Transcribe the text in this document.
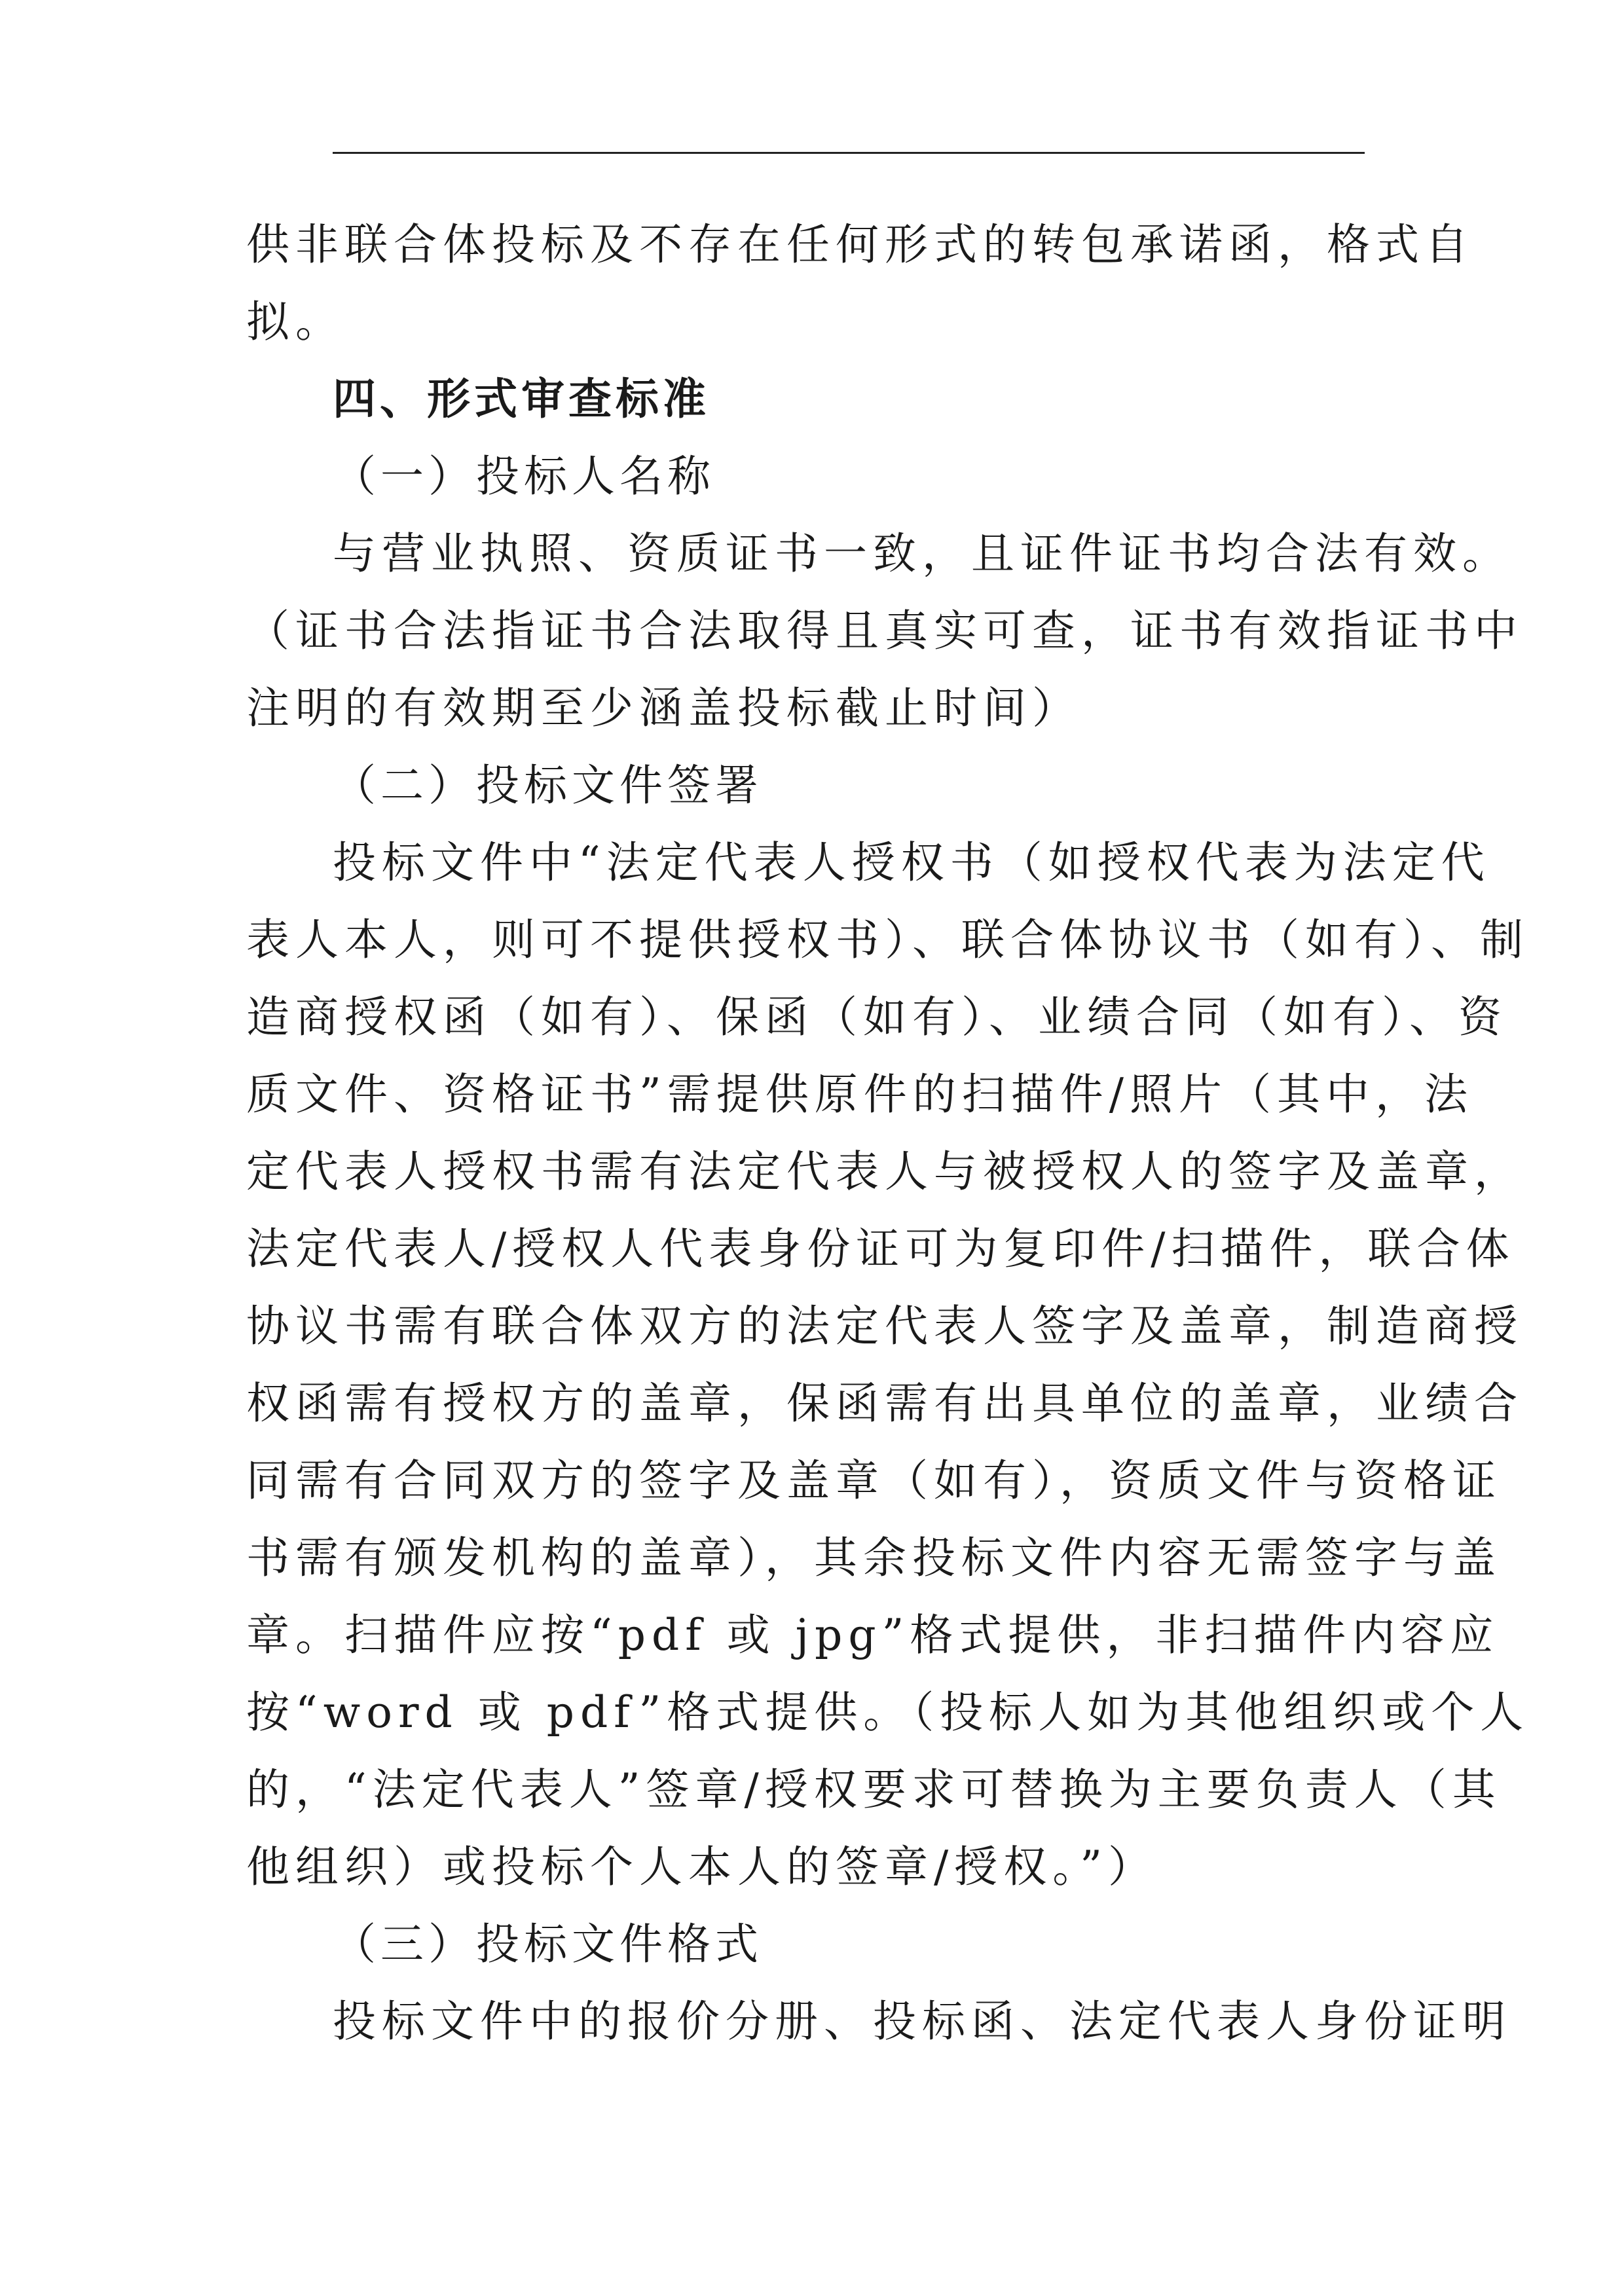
供非联合体投标及不存在任何形式的转包承诺函，格式自
拟。
四、形式审查标准
（一）投标人名称
与营业执照、资质证书一致，且证件证书均合法有效。
（证书合法指证书合法取得且真实可查，证书有效指证书中
注明的有效期至少涵盖投标截止时间）
（二）投标文件签署
投标文件中“法定代表人授权书（如授权代表为法定代
表人本人，则可不提供授权书）、联合体协议书（如有）、制
造商授权函（如有）、保函（如有）、业绩合同（如有）、资
质文件、资格证书”需提供原件的扫描件/照片（其中，法
定代表人授权书需有法定代表人与被授权人的签字及盖章，
法定代表人/授权人代表身份证可为复印件/扫描件，联合体
协议书需有联合体双方的法定代表人签字及盖章，制造商授
权函需有授权方的盖章，保函需有出具单位的盖章，业绩合
同需有合同双方的签字及盖章（如有），资质文件与资格证
书需有颁发机构的盖章），其余投标文件内容无需签字与盖
章。扫描件应按“pdf 或 jpg”格式提供，非扫描件内容应
按“word 或 pdf”格式提供。（投标人如为其他组织或个人
的，“法定代表人”签章/授权要求可替换为主要负责人（其
他组织）或投标个人本人的签章/授权。”）
（三）投标文件格式
投标文件中的报价分册、投标函、法定代表人身份证明
